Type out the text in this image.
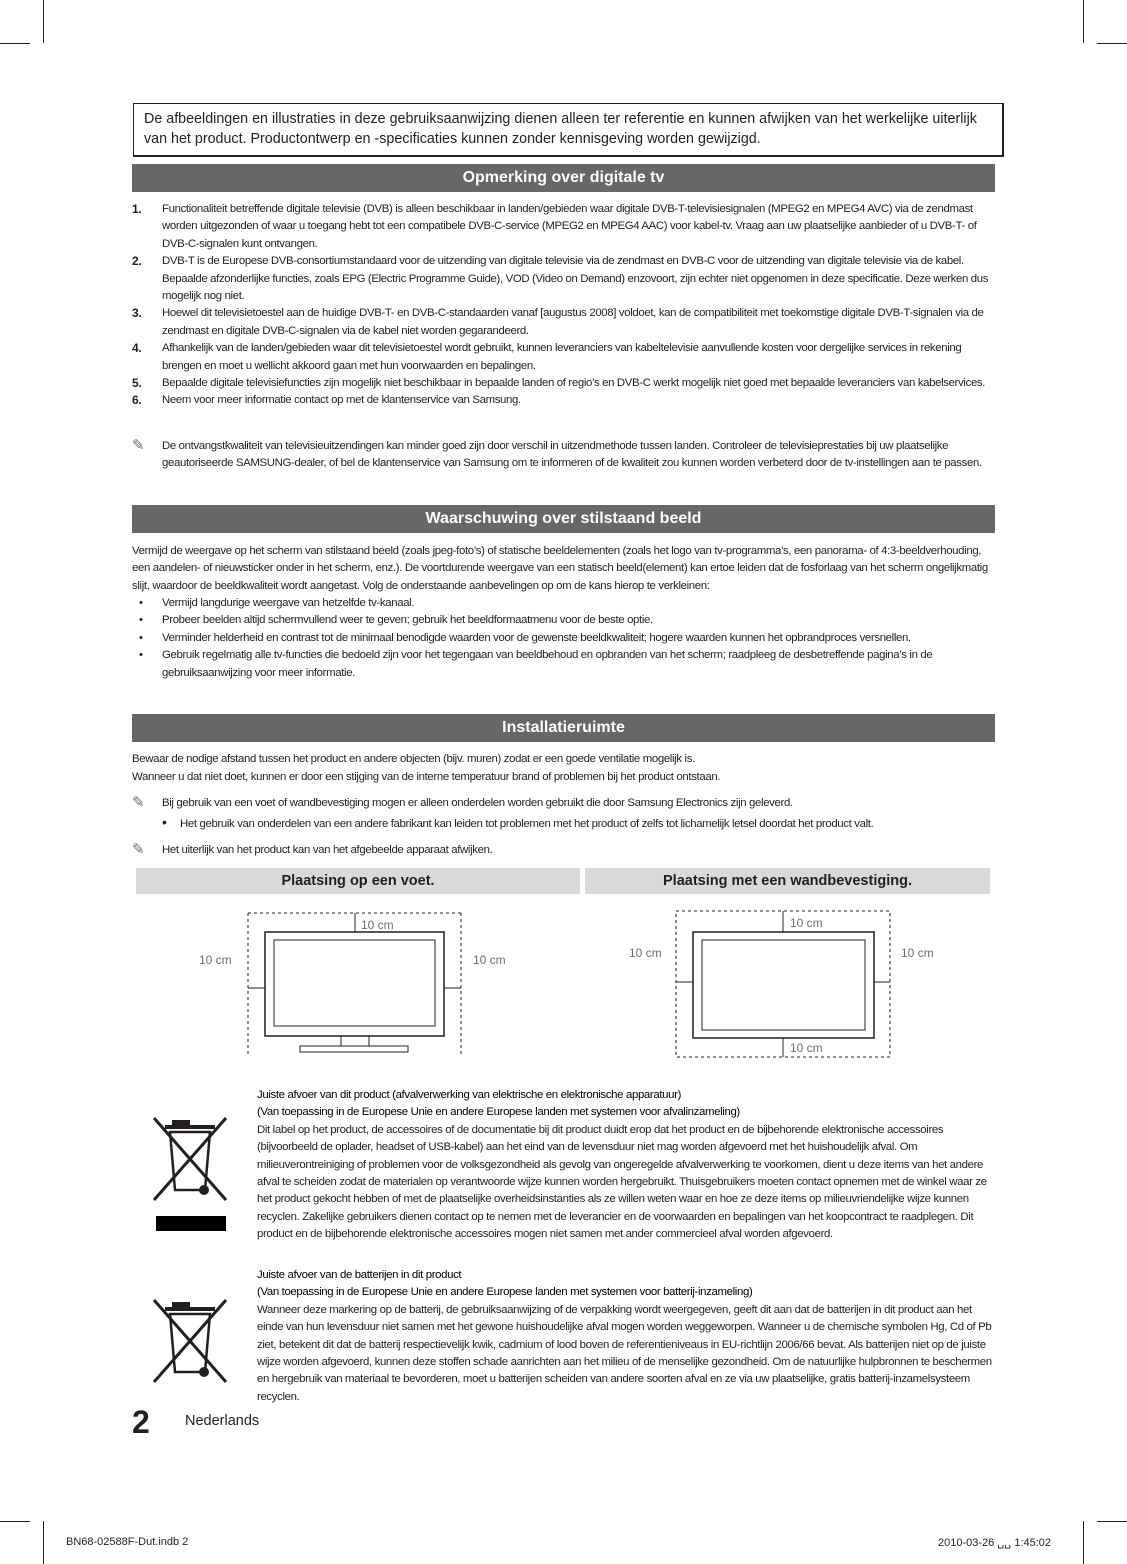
De afbeeldingen en illustraties in deze gebruiksaanwijzing dienen alleen ter referentie en kunnen afwijken van het werkelijke uiterlijk van het product. Productontwerp en -specificaties kunnen zonder kennisgeving worden gewijzigd.
Opmerking over digitale tv
1. Functionaliteit betreffende digitale televisie (DVB) is alleen beschikbaar in landen/gebieden waar digitale DVB-T-televisiesignalen (MPEG2 en MPEG4 AVC) via de zendmast worden uitgezonden of waar u toegang hebt tot een compatibele DVB-C-service (MPEG2 en MPEG4 AAC) voor kabel-tv. Vraag aan uw plaatselijke aanbieder of u DVB-T- of DVB-C-signalen kunt ontvangen.
2. DVB-T is de Europese DVB-consortiumstandaard voor de uitzending van digitale televisie via de zendmast en DVB-C voor de uitzending van digitale televisie via de kabel. Bepaalde afzonderlijke functies, zoals EPG (Electric Programme Guide), VOD (Video on Demand) enzovoort, zijn echter niet opgenomen in deze specificatie. Deze werken dus mogelijk nog niet.
3. Hoewel dit televisietoestel aan de huidige DVB-T- en DVB-C-standaarden vanaf [augustus 2008] voldoet, kan de compatibiliteit met toekomstige digitale DVB-T-signalen via de zendmast en digitale DVB-C-signalen via de kabel niet worden gegarandeerd.
4. Afhankelijk van de landen/gebieden waar dit televisietoestel wordt gebruikt, kunnen leveranciers van kabeltelevisie aanvullende kosten voor dergelijke services in rekening brengen en moet u wellicht akkoord gaan met hun voorwaarden en bepalingen.
5. Bepaalde digitale televisiefuncties zijn mogelijk niet beschikbaar in bepaalde landen of regio’s en DVB-C werkt mogelijk niet goed met bepaalde leveranciers van kabelservices.
6. Neem voor meer informatie contact op met de klantenservice van Samsung.
✎ De ontvangstkwaliteit van televisieuitzendingen kan minder goed zijn door verschil in uitzendmethode tussen landen. Controleer de televisieprestaties bij uw plaatselijke geautoriseerde SAMSUNG-dealer, of bel de klantenservice van Samsung om te informeren of de kwaliteit zou kunnen worden verbeterd door de tv-instellingen aan te passen.
Waarschuwing over stilstaand beeld
Vermijd de weergave op het scherm van stilstaand beeld (zoals jpeg-foto’s) of statische beeldelementen (zoals het logo van tv-programma’s, een panorama- of 4:3-beeldverhouding, een aandelen- of nieuwsticker onder in het scherm, enz.). De voortdurende weergave van een statisch beeld(element) kan ertoe leiden dat de fosforlaag van het scherm ongelijkmatig slijt, waardoor de beeldkwaliteit wordt aangetast. Volg de onderstaande aanbevelingen op om de kans hierop te verkleinen:
• Vermijd langdurige weergave van hetzelfde tv-kanaal.
• Probeer beelden altijd schermvullend weer te geven; gebruik het beeldformaatmenu voor de beste optie.
• Verminder helderheid en contrast tot de minimaal benodigde waarden voor de gewenste beeldkwaliteit; hogere waarden kunnen het opbrandproces versnellen.
• Gebruik regelmatig alle tv-functies die bedoeld zijn voor het tegengaan van beeldbehoud en opbranden van het scherm; raadpleeg de desbetreffende pagina’s in de gebruiksaanwijzing voor meer informatie.
Installatieruimte
Bewaar de nodige afstand tussen het product en andere objecten (bijv. muren) zodat er een goede ventilatie mogelijk is.
Wanneer u dat niet doet, kunnen er door een stijging van de interne temperatuur brand of problemen bij het product ontstaan.
✎ Bij gebruik van een voet of wandbevestiging mogen er alleen onderdelen worden gebruikt die door Samsung Electronics zijn geleverd.
• Het gebruik van onderdelen van een andere fabrikant kan leiden tot problemen met het product of zelfs tot lichamelijk letsel doordat het product valt.
✎ Het uiterlijk van het product kan van het afgebeelde apparaat afwijken.
Plaatsing op een voet.	Plaatsing met een wandbevestiging.
10 cm
10 cm	10 cm
10 cm
10 cm	10 cm
10 cm
Juiste afvoer van dit product (afvalverwerking van elektrische en elektronische apparatuur)
(Van toepassing in de Europese Unie en andere Europese landen met systemen voor afvalinzameling)
Dit label op het product, de accessoires of de documentatie bij dit product duidt erop dat het product en de bijbehorende elektronische accessoires (bijvoorbeeld de oplader, headset of USB-kabel) aan het eind van de levensduur niet mag worden afgevoerd met het huishoudelijk afval. Om milieuverontreiniging of problemen voor de volksgezondheid als gevolg van ongeregelde afvalverwerking te voorkomen, dient u deze items van het andere afval te scheiden zodat de materialen op verantwoorde wijze kunnen worden hergebruikt. Thuisgebruikers moeten contact opnemen met de winkel waar ze het product gekocht hebben of met de plaatselijke overheidsinstanties als ze willen weten waar en hoe ze deze items op milieuvriendelijke wijze kunnen recyclen. Zakelijke gebruikers dienen contact op te nemen met de leverancier en de voorwaarden en bepalingen van het koopcontract te raadplegen. Dit product en de bijbehorende elektronische accessoires mogen niet samen met ander commercieel afval worden afgevoerd.
Juiste afvoer van de batterijen in dit product
(Van toepassing in de Europese Unie en andere Europese landen met systemen voor batterij-inzameling)
Wanneer deze markering op de batterij, de gebruiksaanwijzing of de verpakking wordt weergegeven, geeft dit aan dat de batterijen in dit product aan het einde van hun levensduur niet samen met het gewone huishoudelijke afval mogen worden weggeworpen. Wanneer u de chemische symbolen Hg, Cd of Pb ziet, betekent dit dat de batterij respectievelijk kwik, cadmium of lood boven de referentieniveaus in EU-richtlijn 2006/66 bevat. Als batterijen niet op de juiste wijze worden afgevoerd, kunnen deze stoffen schade aanrichten aan het milieu of de menselijke gezondheid. Om de natuurlijke hulpbronnen te beschermen en hergebruik van materiaal te bevorderen, moet u batterijen scheiden van andere soorten afval en ze via uw plaatselijke, gratis batterij-inzamelsysteem recyclen.
2 Nederlands
BN68-02588F-Dut.indb 2	2010-03-26 ␣␣ 1:45:02
